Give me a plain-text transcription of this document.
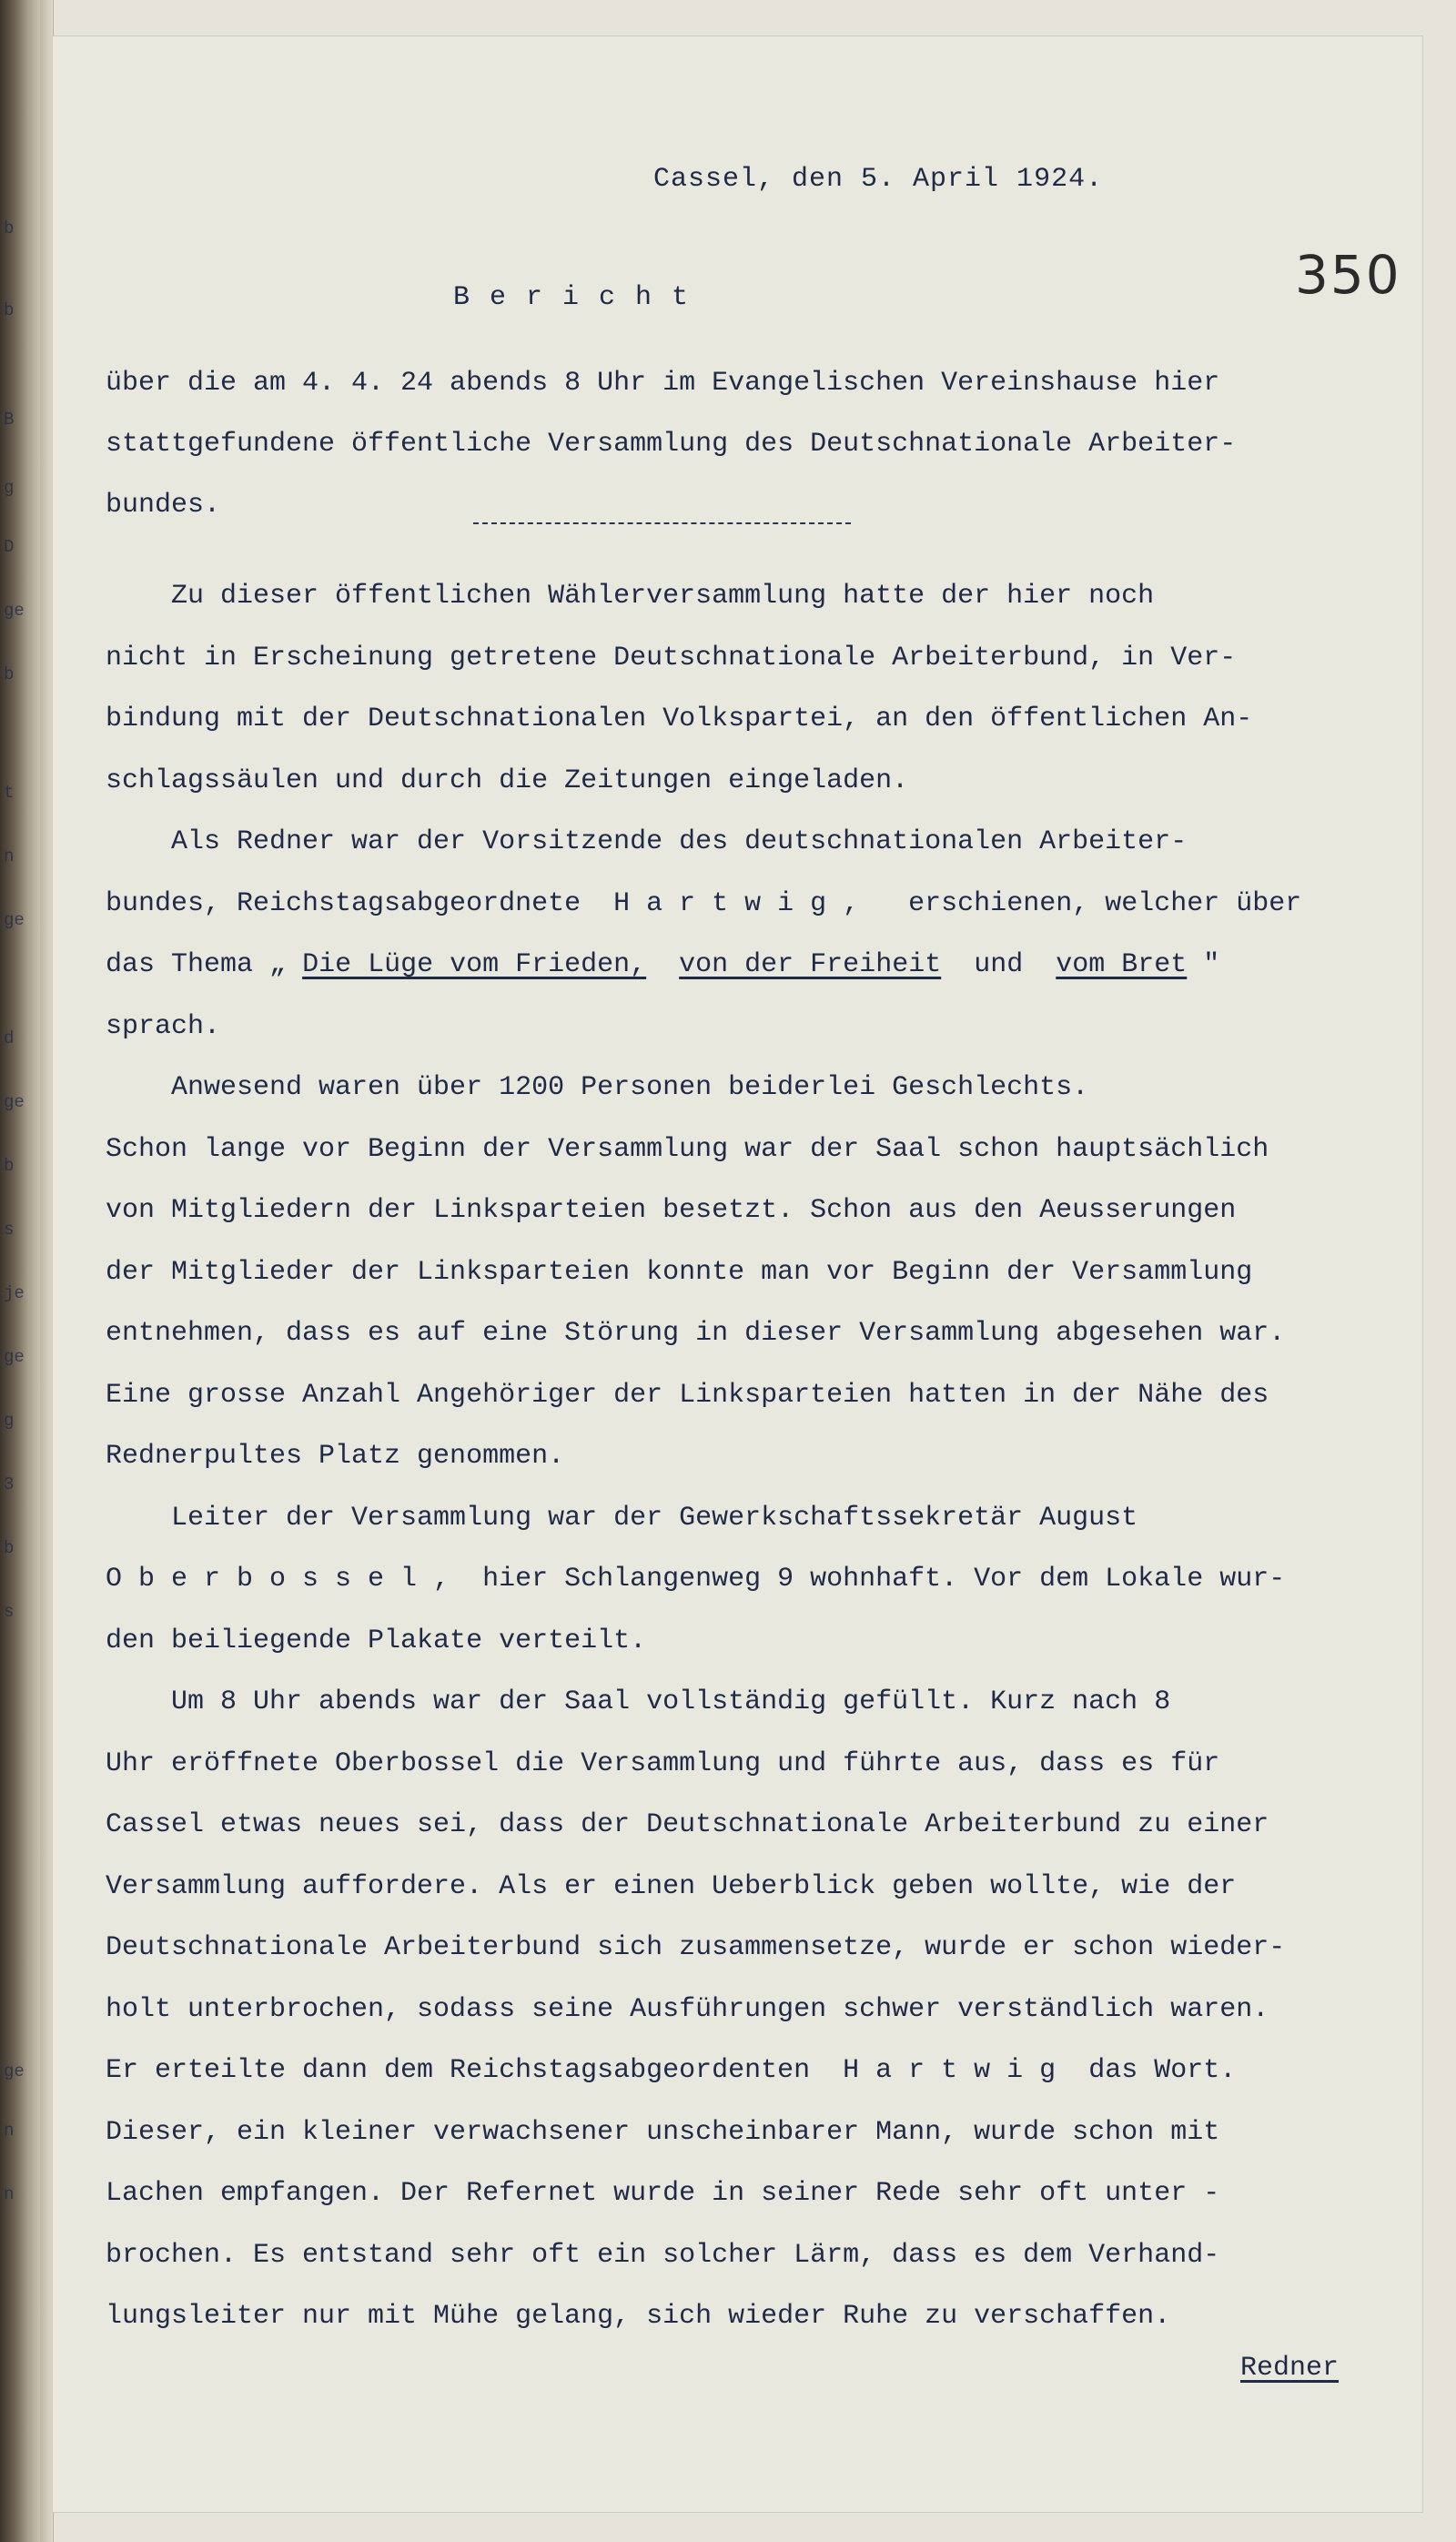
b
b
B
g
D
ge
b
t
n
ge
d
ge
b
s
je
ge
g
3
b
s
ge
n
n
Cassel, den 5. April 1924.
350
Bericht
über die am 4. 4. 24 abends 8 Uhr im Evangelischen Vereinshause hier
stattgefundene öffentliche Versammlung des Deutschnationale Arbeiter-
bundes.
Zu dieser öffentlichen Wählerversammlung hatte der hier noch
nicht in Erscheinung getretene Deutschnationale Arbeiterbund, in Ver-
bindung mit der Deutschnationalen Volkspartei, an den öffentlichen An-
schlagssäulen und durch die Zeitungen eingeladen.
Als Redner war der Vorsitzende des deutschnationalen Arbeiter-
bundes, Reichstagsabgeordnete Hartwig, erschienen, welcher über
das Thema „ Die Lüge vom Frieden, von der Freiheit und vom Bret "
sprach.
Anwesend waren über 1200 Personen beiderlei Geschlechts.
Schon lange vor Beginn der Versammlung war der Saal schon hauptsächlich
von Mitgliedern der Linksparteien besetzt. Schon aus den Aeusserungen
der Mitglieder der Linksparteien konnte man vor Beginn der Versammlung
entnehmen, dass es auf eine Störung in dieser Versammlung abgesehen war.
Eine grosse Anzahl Angehöriger der Linksparteien hatten in der Nähe des
Rednerpultes Platz genommen.
Leiter der Versammlung war der Gewerkschaftssekretär August
Oberbossel, hier Schlangenweg 9 wohnhaft. Vor dem Lokale wur-
den beiliegende Plakate verteilt.
Um 8 Uhr abends war der Saal vollständig gefüllt. Kurz nach 8
Uhr eröffnete Oberbossel die Versammlung und führte aus, dass es für
Cassel etwas neues sei, dass der Deutschnationale Arbeiterbund zu einer
Versammlung auffordere. Als er einen Ueberblick geben wollte, wie der
Deutschnationale Arbeiterbund sich zusammensetze, wurde er schon wieder-
holt unterbrochen, sodass seine Ausführungen schwer verständlich waren.
Er erteilte dann dem Reichstagsabgeordenten Hartwig das Wort.
Dieser, ein kleiner verwachsener unscheinbarer Mann, wurde schon mit
Lachen empfangen. Der Refernet wurde in seiner Rede sehr oft unter -
brochen. Es entstand sehr oft ein solcher Lärm, dass es dem Verhand-
lungsleiter nur mit Mühe gelang, sich wieder Ruhe zu verschaffen.
Redner
